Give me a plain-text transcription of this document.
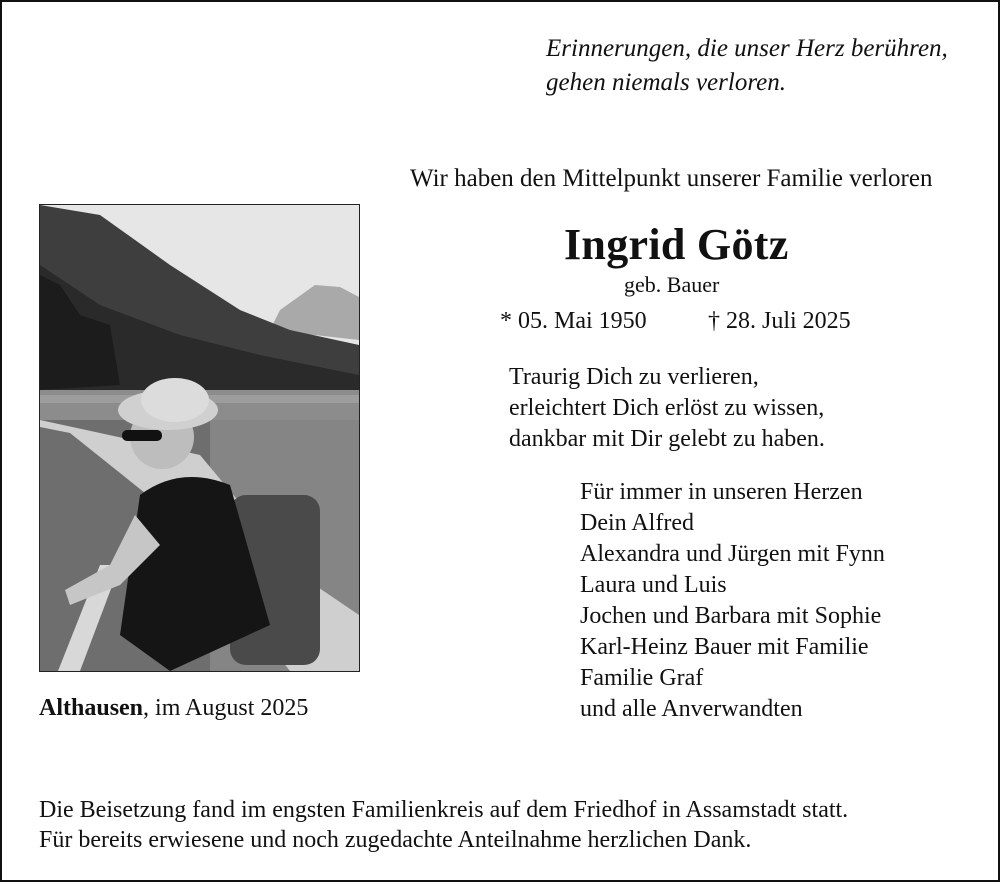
Erinnerungen, die unser Herz berühren,
gehen niemals verloren.
Wir haben den Mittelpunkt unserer Familie verloren
Ingrid Götz
geb. Bauer
* 05. Mai 1950	† 28. Juli 2025
Traurig Dich zu verlieren,
erleichtert Dich erlöst zu wissen,
dankbar mit Dir gelebt zu haben.
Für immer in unseren Herzen
Dein Alfred
Alexandra und Jürgen mit Fynn
Laura und Luis
Jochen und Barbara mit Sophie
Karl-Heinz Bauer mit Familie
Familie Graf
und alle Anverwandten
Althausen, im August 2025
Die Beisetzung fand im engsten Familienkreis auf dem Friedhof in Assamstadt statt.
Für bereits erwiesene und noch zugedachte Anteilnahme herzlichen Dank.
